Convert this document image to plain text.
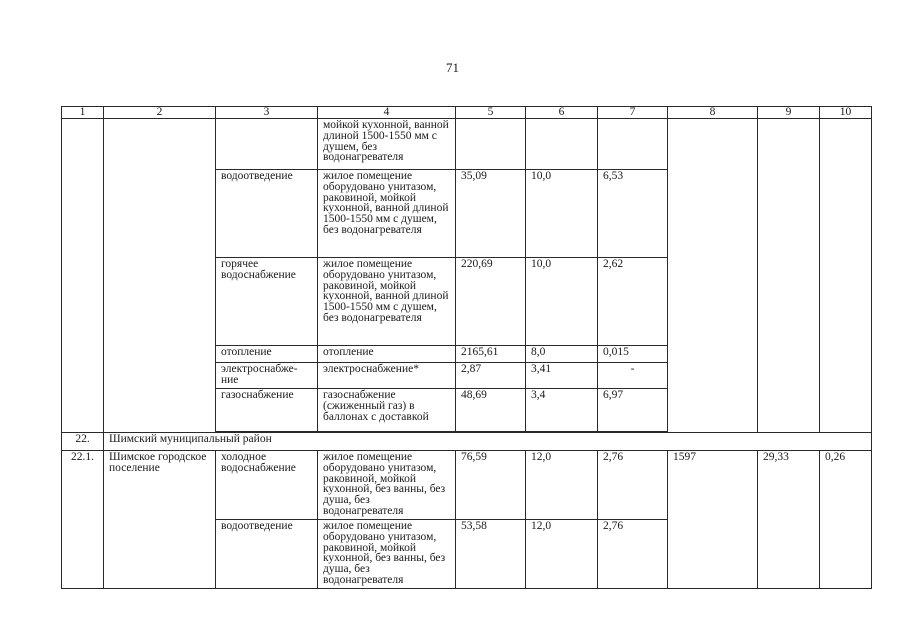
71
1	2	3	4	5	6	7	8	9	10
			мойкой кухонной, ванной длиной 1500-1550 мм с душем, без водонагревателя						
		водоотведение	жилое помещение оборудовано унитазом, раковиной, мойкой кухонной, ванной длиной 1500-1550 мм с душем, без водонагревателя	35,09	10,0	6,53			
		горячее водоснабжение	жилое помещение оборудовано унитазом, раковиной, мойкой кухонной, ванной длиной 1500-1550 мм с душем, без водонагревателя	220,69	10,0	2,62			
		отопление	отопление	2165,61	8,0	0,015			
		электроснабже-ние	электроснабжение*	2,87	3,41	-			
		газоснабжение	газоснабжение (сжиженный газ) в баллонах с доставкой	48,69	3,4	6,97			

22.	Шимский муниципальный район								
22.1.	Шимское городское поселение	холодное водоснабжение	жилое помещение оборудовано унитазом, раковиной, мойкой кухонной, без ванны, без душа, без водонагревателя	76,59	12,0	2,76	1597	29,33	0,26
		водоотведение	жилое помещение оборудовано унитазом, раковиной, мойкой кухонной, без ванны, без душа, без водонагревателя	53,58	12,0	2,76			
